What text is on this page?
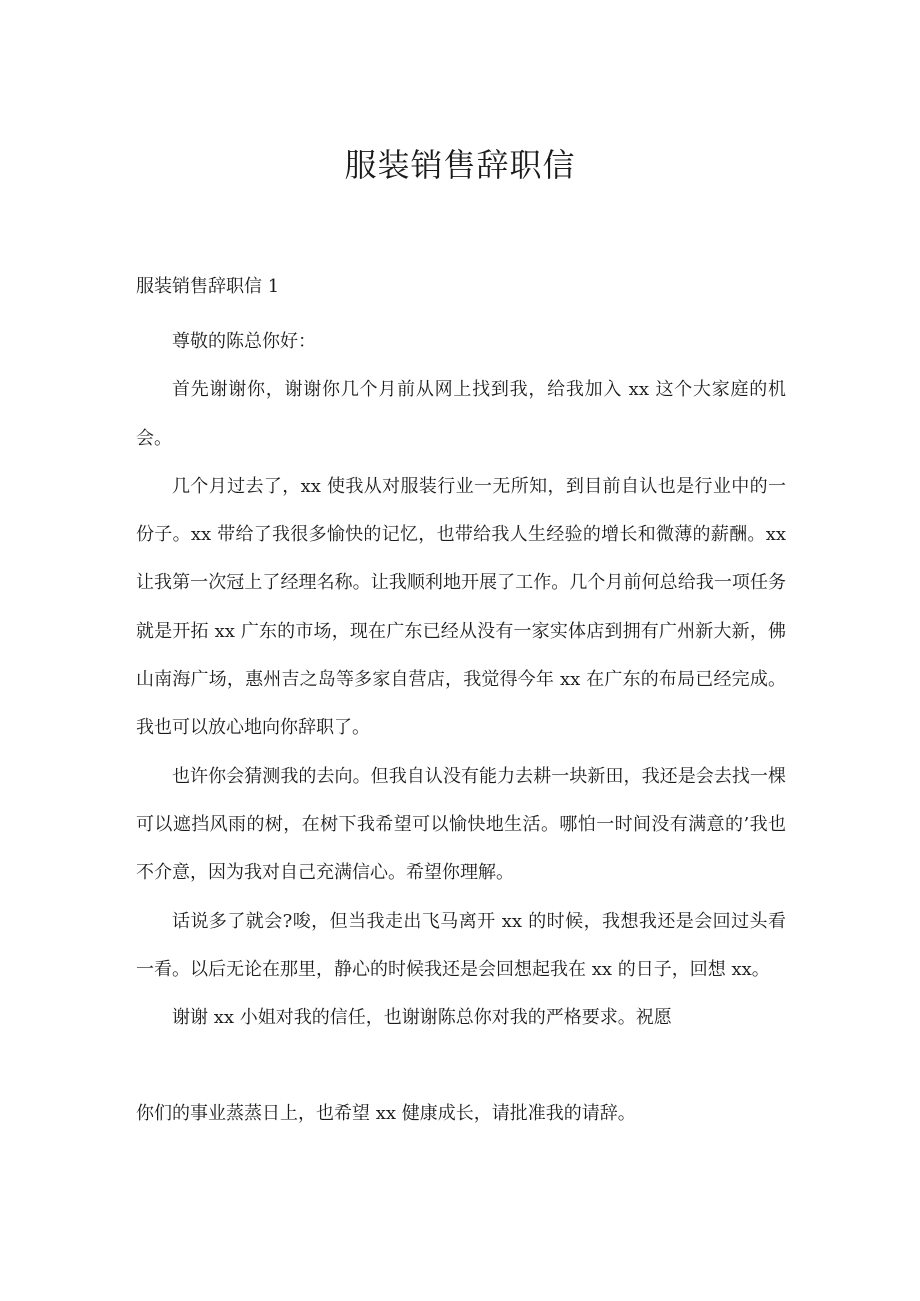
服装销售辞职信

服装销售辞职信 1

尊敬的陈总你好：

首先谢谢你，谢谢你几个月前从网上找到我，给我加入 xx 这个大家庭的机会。

几个月过去了，xx 使我从对服装行业一无所知，到目前自认也是行业中的一份子。xx 带给了我很多愉快的记忆，也带给我人生经验的增长和微薄的薪酬。xx 让我第一次冠上了经理名称。让我顺利地开展了工作。几个月前何总给我一项任务就是开拓 xx 广东的市场，现在广东已经从没有一家实体店到拥有广州新大新，佛山南海广场，惠州吉之岛等多家自营店，我觉得今年 xx 在广东的布局已经完成。我也可以放心地向你辞职了。

也许你会猜测我的去向。但我自认没有能力去耕一块新田，我还是会去找一棵可以遮挡风雨的树，在树下我希望可以愉快地生活。哪怕一时间没有满意的’我也不介意，因为我对自己充满信心。希望你理解。

话说多了就会?唆，但当我走出飞马离开 xx 的时候，我想我还是会回过头看一看。以后无论在那里，静心的时候我还是会回想起我在 xx 的日子，回想 xx。

谢谢 xx 小姐对我的信任，也谢谢陈总你对我的严格要求。祝愿

你们的事业蒸蒸日上，也希望 xx 健康成长，请批准我的请辞。
